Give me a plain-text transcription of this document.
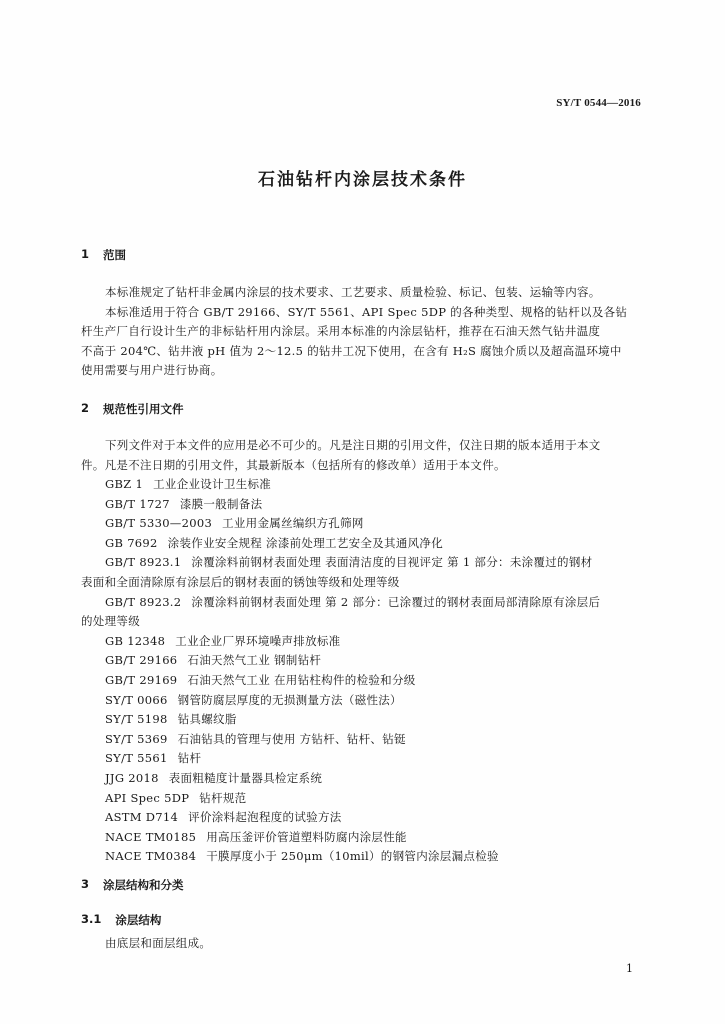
SY/T 0544—2016
石油钻杆内涂层技术条件
1 范围
本标准规定了钻杆非金属内涂层的技术要求、工艺要求、质量检验、标记、包装、运输等内容。
本标准适用于符合 GB/T 29166、SY/T 5561、API Spec 5DP 的各种类型、规格的钻杆以及各钻
杆生产厂自行设计生产的非标钻杆用内涂层。采用本标准的内涂层钻杆，推荐在石油天然气钻井温度
不高于 204℃、钻井液 pH 值为 2～12.5 的钻井工况下使用，在含有 H₂S 腐蚀介质以及超高温环境中
使用需要与用户进行协商。
2 规范性引用文件
下列文件对于本文件的应用是必不可少的。凡是注日期的引用文件，仅注日期的版本适用于本文
件。凡是不注日期的引用文件，其最新版本（包括所有的修改单）适用于本文件。
GBZ 1 工业企业设计卫生标准
GB/T 1727 漆膜一般制备法
GB/T 5330—2003 工业用金属丝编织方孔筛网
GB 7692 涂装作业安全规程 涂漆前处理工艺安全及其通风净化
GB/T 8923.1 涂覆涂料前钢材表面处理 表面清洁度的目视评定 第 1 部分：未涂覆过的钢材
表面和全面清除原有涂层后的钢材表面的锈蚀等级和处理等级
GB/T 8923.2 涂覆涂料前钢材表面处理 第 2 部分：已涂覆过的钢材表面局部清除原有涂层后
的处理等级
GB 12348 工业企业厂界环境噪声排放标准
GB/T 29166 石油天然气工业 钢制钻杆
GB/T 29169 石油天然气工业 在用钻柱构件的检验和分级
SY/T 0066 钢管防腐层厚度的无损测量方法（磁性法）
SY/T 5198 钻具螺纹脂
SY/T 5369 石油钻具的管理与使用 方钻杆、钻杆、钻铤
SY/T 5561 钻杆
JJG 2018 表面粗糙度计量器具检定系统
API Spec 5DP 钻杆规范
ASTM D714 评价涂料起泡程度的试验方法
NACE TM0185 用高压釜评价管道塑料防腐内涂层性能
NACE TM0384 干膜厚度小于 250μm（10mil）的钢管内涂层漏点检验
3 涂层结构和分类
3.1 涂层结构
由底层和面层组成。
1
